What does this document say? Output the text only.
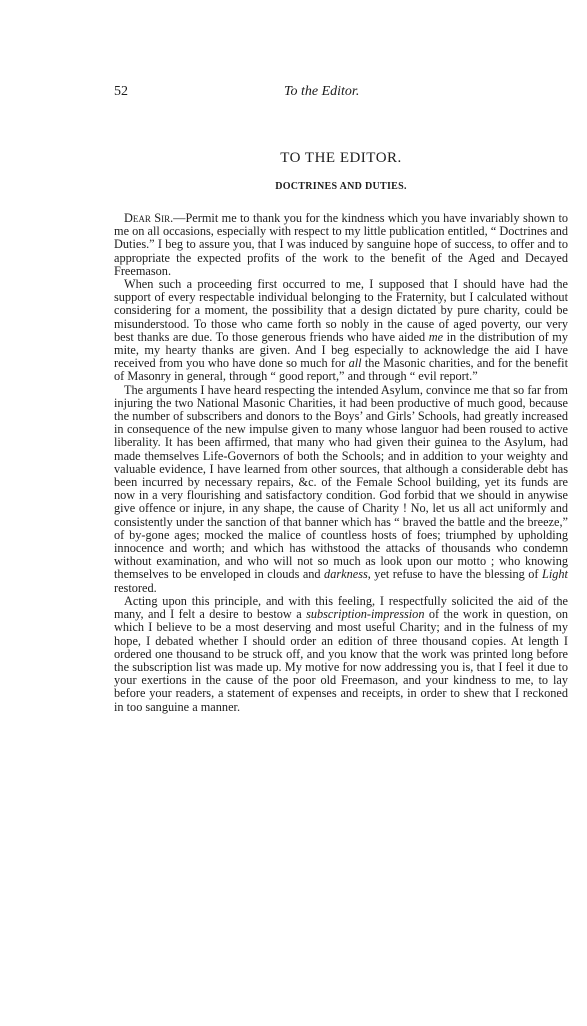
52	To the Editor.
TO THE EDITOR.
DOCTRINES AND DUTIES.

Dear Sir.—Permit me to thank you for the kindness which you have invariably shown to me on all occasions, especially with respect to my little publication entitled, “ Doctrines and Duties.” I beg to assure you, that I was induced by sanguine hope of success, to offer and to appropriate the expected profits of the work to the benefit of the Aged and Decayed Freemason.

When such a proceeding first occurred to me, I supposed that I should have had the support of every respectable individual belonging to the Fraternity, but I calculated without considering for a moment, the possibility that a design dictated by pure charity, could be misunderstood. To those who came forth so nobly in the cause of aged poverty, our very best thanks are due. To those generous friends who have aided me in the distribution of my mite, my hearty thanks are given. And I beg especially to acknowledge the aid I have received from you who have done so much for all the Masonic charities, and for the benefit of Masonry in general, through “ good report,” and through “ evil report.”

The arguments I have heard respecting the intended Asylum, convince me that so far from injuring the two National Masonic Charities, it had been productive of much good, because the number of subscribers and donors to the Boys’ and Girls’ Schools, had greatly increased in consequence of the new impulse given to many whose languor had been roused to active liberality. It has been affirmed, that many who had given their guinea to the Asylum, had made themselves Life-Governors of both the Schools; and in addition to your weighty and valuable evidence, I have learned from other sources, that although a considerable debt has been incurred by necessary repairs, &c. of the Female School building, yet its funds are now in a very flourishing and satisfactory condition. God forbid that we should in anywise give offence or injure, in any shape, the cause of Charity ! No, let us all act uniformly and consistently under the sanction of that banner which has “ braved the battle and the breeze,” of by-gone ages; mocked the malice of countless hosts of foes; triumphed by upholding innocence and worth; and which has withstood the attacks of thousands who condemn without examination, and who will not so much as look upon our motto ; who knowing themselves to be enveloped in clouds and darkness, yet refuse to have the blessing of Light restored.

Acting upon this principle, and with this feeling, I respectfully solicited the aid of the many, and I felt a desire to bestow a subscription-impression of the work in question, on which I believe to be a most deserving and most useful Charity; and in the fulness of my hope, I debated whether I should order an edition of three thousand copies. At length I ordered one thousand to be struck off, and you know that the work was printed long before the subscription list was made up. My motive for now addressing you is, that I feel it due to your exertions in the cause of the poor old Freemason, and your kindness to me, to lay before your readers, a statement of expenses and receipts, in order to shew that I reckoned in too sanguine a manner.
